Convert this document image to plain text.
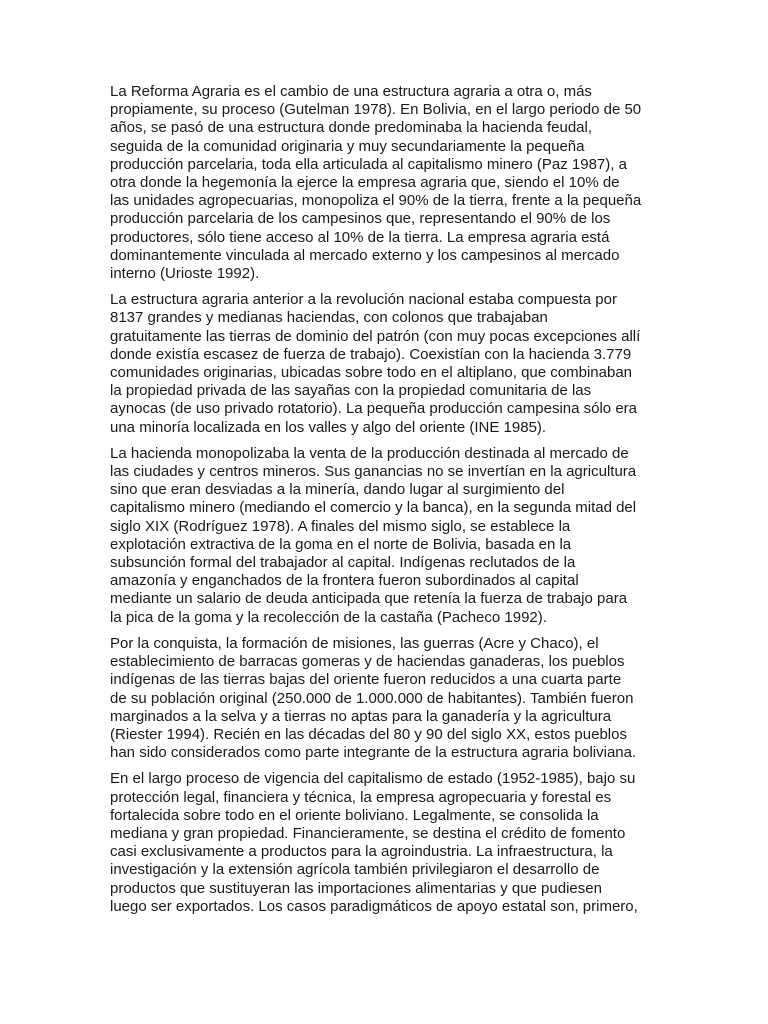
La Reforma Agraria es el cambio de una estructura agraria a otra o, más
propiamente, su proceso (Gutelman 1978). En Bolivia, en el largo periodo de 50
años, se pasó de una estructura donde predominaba la hacienda feudal,
seguida de la comunidad originaria y muy secundariamente la pequeña
producción parcelaria, toda ella articulada al capitalismo minero (Paz 1987), a
otra donde la hegemonía la ejerce la empresa agraria que, siendo el 10% de
las unidades agropecuarias, monopoliza el 90% de la tierra, frente a la pequeña
producción parcelaria de los campesinos que, representando el 90% de los
productores, sólo tiene acceso al 10% de la tierra. La empresa agraria está
dominantemente vinculada al mercado externo y los campesinos al mercado
interno (Urioste 1992).

La estructura agraria anterior a la revolución nacional estaba compuesta por
8137 grandes y medianas haciendas, con colonos que trabajaban
gratuitamente las tierras de dominio del patrón (con muy pocas excepciones allí
donde existía escasez de fuerza de trabajo). Coexistían con la hacienda 3.779
comunidades originarias, ubicadas sobre todo en el altiplano, que combinaban
la propiedad privada de las sayañas con la propiedad comunitaria de las
aynocas (de uso privado rotatorio). La pequeña producción campesina sólo era
una minoría localizada en los valles y algo del oriente (INE 1985).

La hacienda monopolizaba la venta de la producción destinada al mercado de
las ciudades y centros mineros. Sus ganancias no se invertían en la agricultura
sino que eran desviadas a la minería, dando lugar al surgimiento del
capitalismo minero (mediando el comercio y la banca), en la segunda mitad del
siglo XIX (Rodríguez 1978). A finales del mismo siglo, se establece la
explotación extractiva de la goma en el norte de Bolivia, basada en la
subsunción formal del trabajador al capital. Indígenas reclutados de la
amazonía y enganchados de la frontera fueron subordinados al capital
mediante un salario de deuda anticipada que retenía la fuerza de trabajo para
la pica de la goma y la recolección de la castaña (Pacheco 1992).

Por la conquista, la formación de misiones, las guerras (Acre y Chaco), el
establecimiento de barracas gomeras y de haciendas ganaderas, los pueblos
indígenas de las tierras bajas del oriente fueron reducidos a una cuarta parte
de su población original (250.000 de 1.000.000 de habitantes). También fueron
marginados a la selva y a tierras no aptas para la ganadería y la agricultura
(Riester 1994). Recién en las décadas del 80 y 90 del siglo XX, estos pueblos
han sido considerados como parte integrante de la estructura agraria boliviana.

En el largo proceso de vigencia del capitalismo de estado (1952-1985), bajo su
protección legal, financiera y técnica, la empresa agropecuaria y forestal es
fortalecida sobre todo en el oriente boliviano. Legalmente, se consolida la
mediana y gran propiedad. Financieramente, se destina el crédito de fomento
casi exclusivamente a productos para la agroindustria. La infraestructura, la
investigación y la extensión agrícola también privilegiaron el desarrollo de
productos que sustituyeran las importaciones alimentarias y que pudiesen
luego ser exportados. Los casos paradigmáticos de apoyo estatal son, primero,
